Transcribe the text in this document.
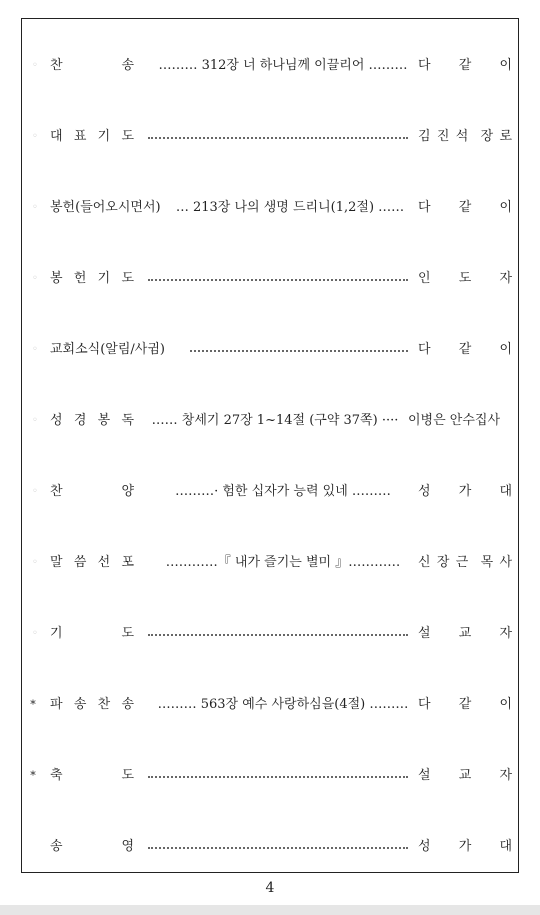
◦ 찬	송	……… 312장 너 하나님께 이끌리어 ……… 다 같 이
◦ 대 표 기 도	김 진 석 장 로
◦ 봉헌(들어오시면서)	… 213장 나의 생명 드리니(1,2절) ……	다 같 이
◦ 봉 헌 기 도	인 도 자
◦ 교회소식(알림/사귐)	다 같 이
◦ 성 경 봉 독	…… 창세기 27장 1~14절 (구약 37쪽) ···· 이병은 안수집사
◦ 찬	양	………· 험한 십자가 능력 있네 ………	성 가 대
◦ 말 씀 선 포	…………『 내가 즐기는 별미 』…………	신 장 근 목 사
◦ 기	도	설 교 자
* 파 송 찬 송	……… 563장 예수 사랑하심을(4절) ……… 다 같 이
* 축	도	설 교 자
송	영	성 가 대
4
